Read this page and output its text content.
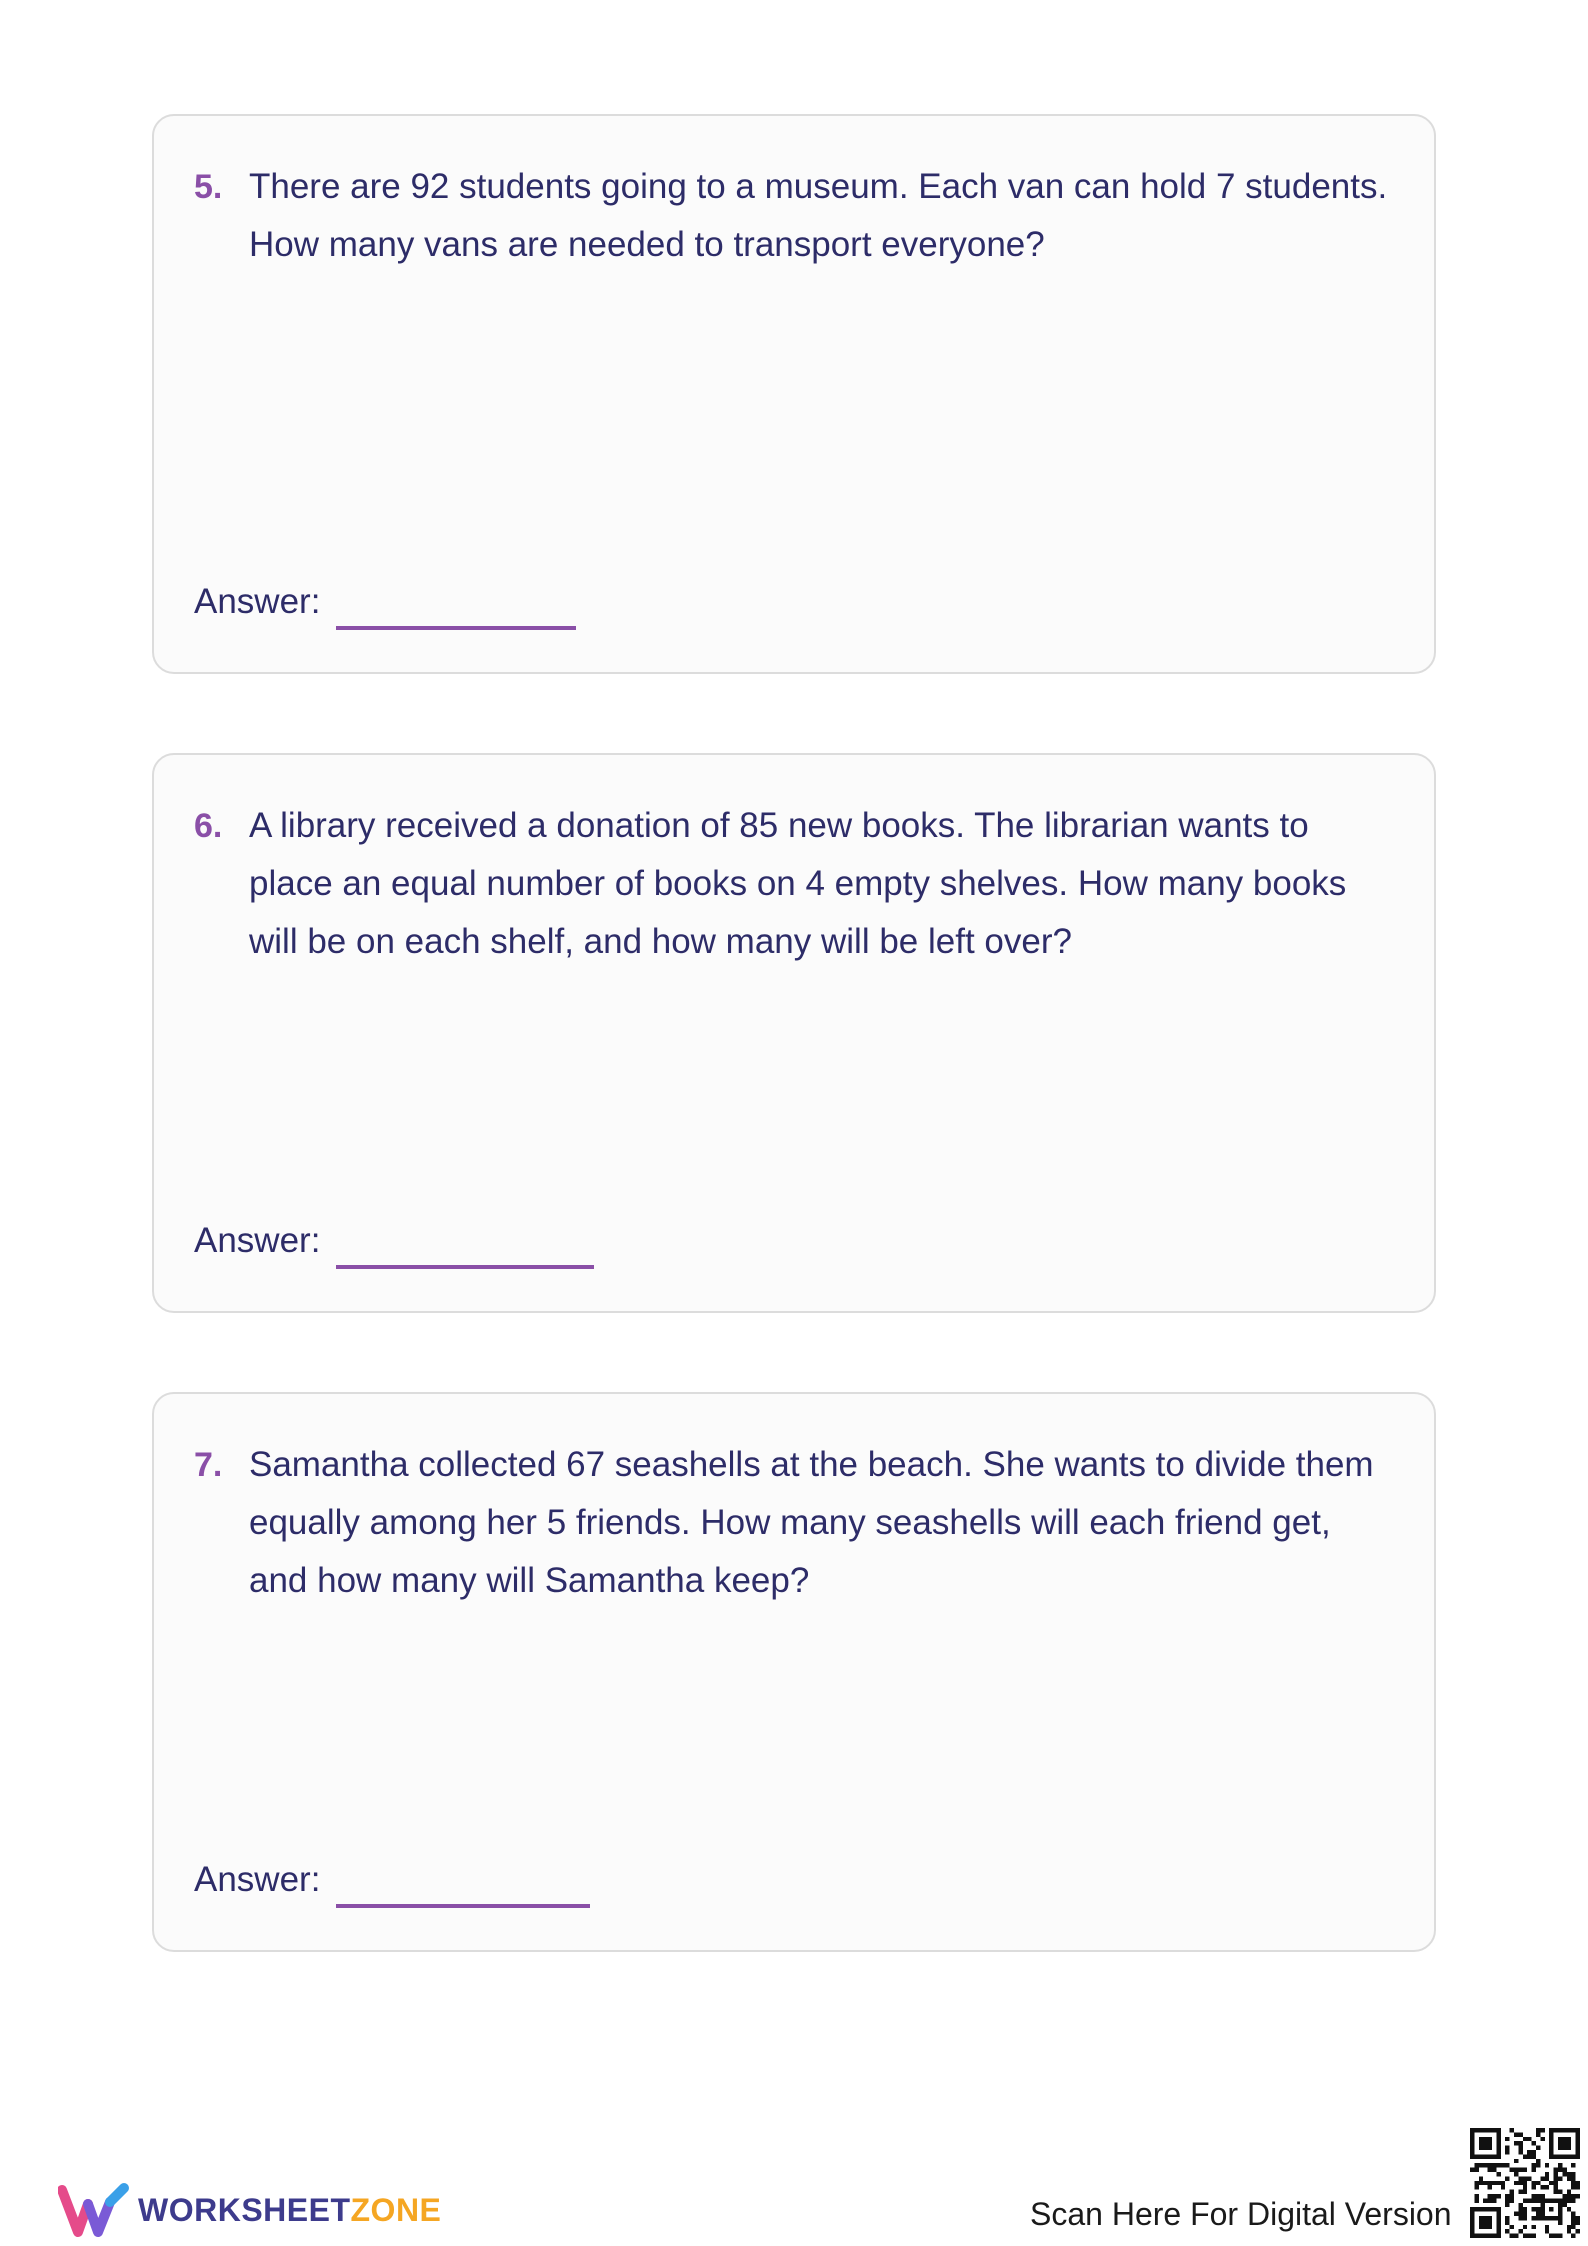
5. There are 92 students going to a museum. Each van can hold 7 students. How many vans are needed to transport everyone?
Answer:
6. A library received a donation of 85 new books. The librarian wants to place an equal number of books on 4 empty shelves. How many books will be on each shelf, and how many will be left over?
Answer:
7. Samantha collected 67 seashells at the beach. She wants to divide them equally among her 5 friends. How many seashells will each friend get, and how many will Samantha keep?
Answer:
WORKSHEETZONE	Scan Here For Digital Version
